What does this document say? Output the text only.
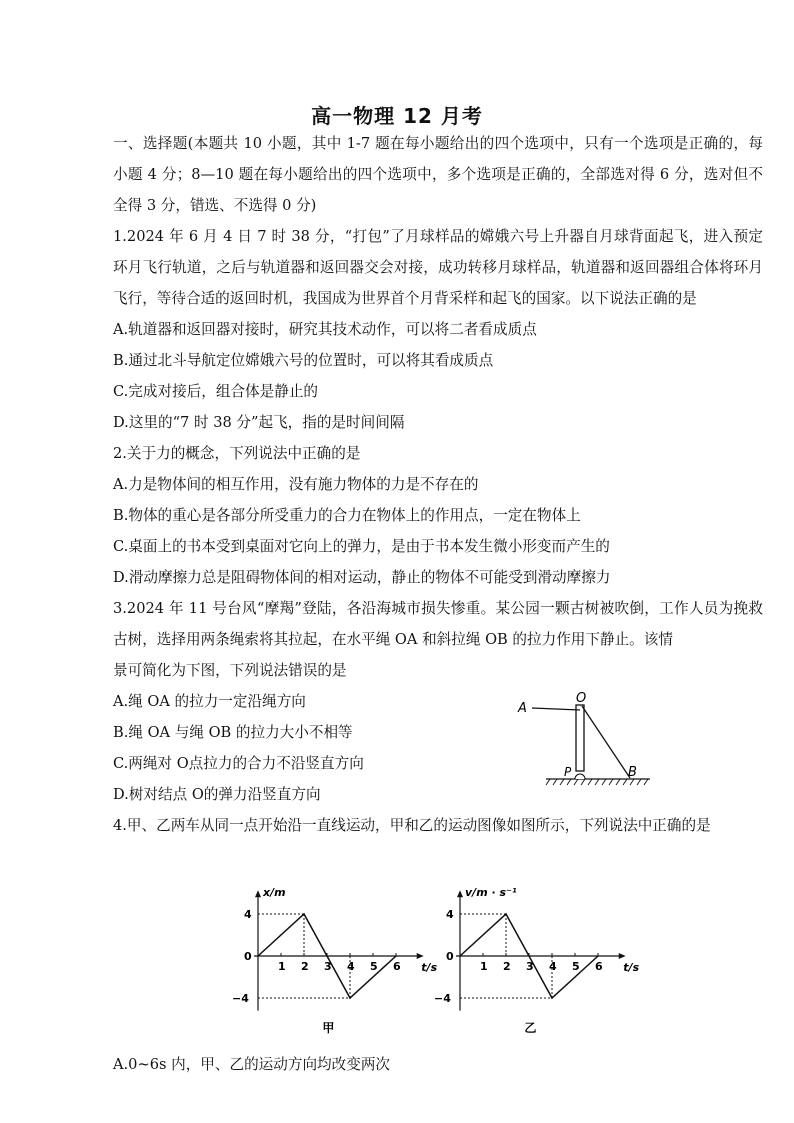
高一物理 12 月考

一、选择题(本题共 10 小题，其中 1-7 题在每小题给出的四个选项中，只有一个选项是正确的，每小题 4 分；8—10 题在每小题给出的四个选项中，多个选项是正确的，全部选对得 6 分，选对但不全得 3 分，错选、不选得 0 分)

1.2024 年 6 月 4 日 7 时 38 分，“打包”了月球样品的嫦娥六号上升器自月球背面起飞，进入预定环月飞行轨道，之后与轨道器和返回器交会对接，成功转移月球样品，轨道器和返回器组合体将环月飞行，等待合适的返回时机，我国成为世界首个月背采样和起飞的国家。以下说法正确的是

A.轨道器和返回器对接时，研究其技术动作，可以将二者看成质点

B.通过北斗导航定位嫦娥六号的位置时，可以将其看成质点

C.完成对接后，组合体是静止的

D.这里的“7 时 38 分”起飞，指的是时间间隔

2.关于力的概念，下列说法中正确的是

A.力是物体间的相互作用，没有施力物体的力是不存在的

B.物体的重心是各部分所受重力的合力在物体上的作用点，一定在物体上

C.桌面上的书本受到桌面对它向上的弹力，是由于书本发生微小形变而产生的

D.滑动摩擦力总是阻碍物体间的相对运动，静止的物体不可能受到滑动摩擦力

3.2024 年 11 号台风“摩羯”登陆，各沿海城市损失惨重。某公园一颗古树被吹倒，工作人员为挽救古树，选择用两条绳索将其拉起，在水平绳 OA 和斜拉绳 OB 的拉力作用下静止。该情

景可简化为下图，下列说法错误的是

A.绳 OA 的拉力一定沿绳方向

B.绳 OA 与绳 OB 的拉力大小不相等

C.两绳对 O点拉力的合力不沿竖直方向

D.树对结点 O的弹力沿竖直方向

4.甲、乙两车从同一点开始沿一直线运动，甲和乙的运动图像如图所示，下列说法中正确的是

A
O
P	B
x/m
t/s
4
0
−4
1 2 3 4 5 6
甲
v/m · s⁻¹
t/s
4
0
−4
1 2 3 4 5 6
乙
A.0~6s 内，甲、乙的运动方向均改变两次
